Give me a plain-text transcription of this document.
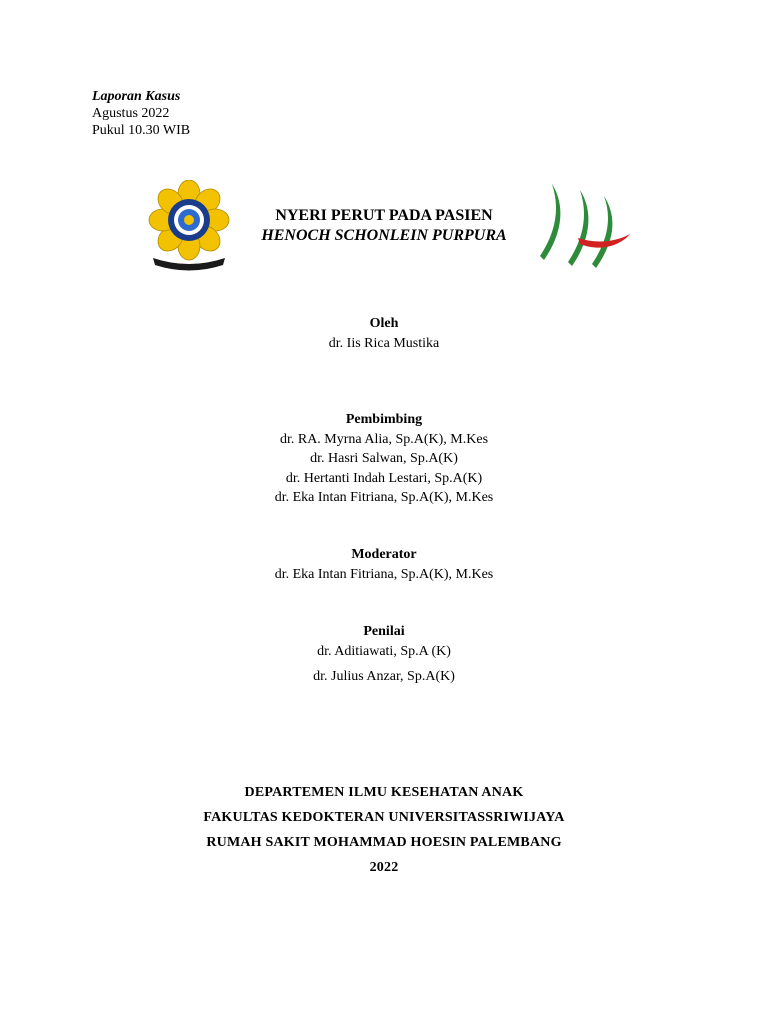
Laporan Kasus
Agustus 2022
Pukul 10.30 WIB
NYERI PERUT PADA PASIEN
HENOCH SCHONLEIN PURPURA
Oleh
dr. Iis Rica Mustika
Pembimbing
dr. RA. Myrna Alia, Sp.A(K), M.Kes
dr. Hasri Salwan, Sp.A(K)
dr. Hertanti Indah Lestari, Sp.A(K)
dr. Eka Intan Fitriana, Sp.A(K), M.Kes
Moderator
dr. Eka Intan Fitriana, Sp.A(K), M.Kes
Penilai
dr. Aditiawati, Sp.A (K)
dr. Julius Anzar, Sp.A(K)
DEPARTEMEN ILMU KESEHATAN ANAK
FAKULTAS KEDOKTERAN UNIVERSITASSRIWIJAYA
RUMAH SAKIT MOHAMMAD HOESIN PALEMBANG
2022
